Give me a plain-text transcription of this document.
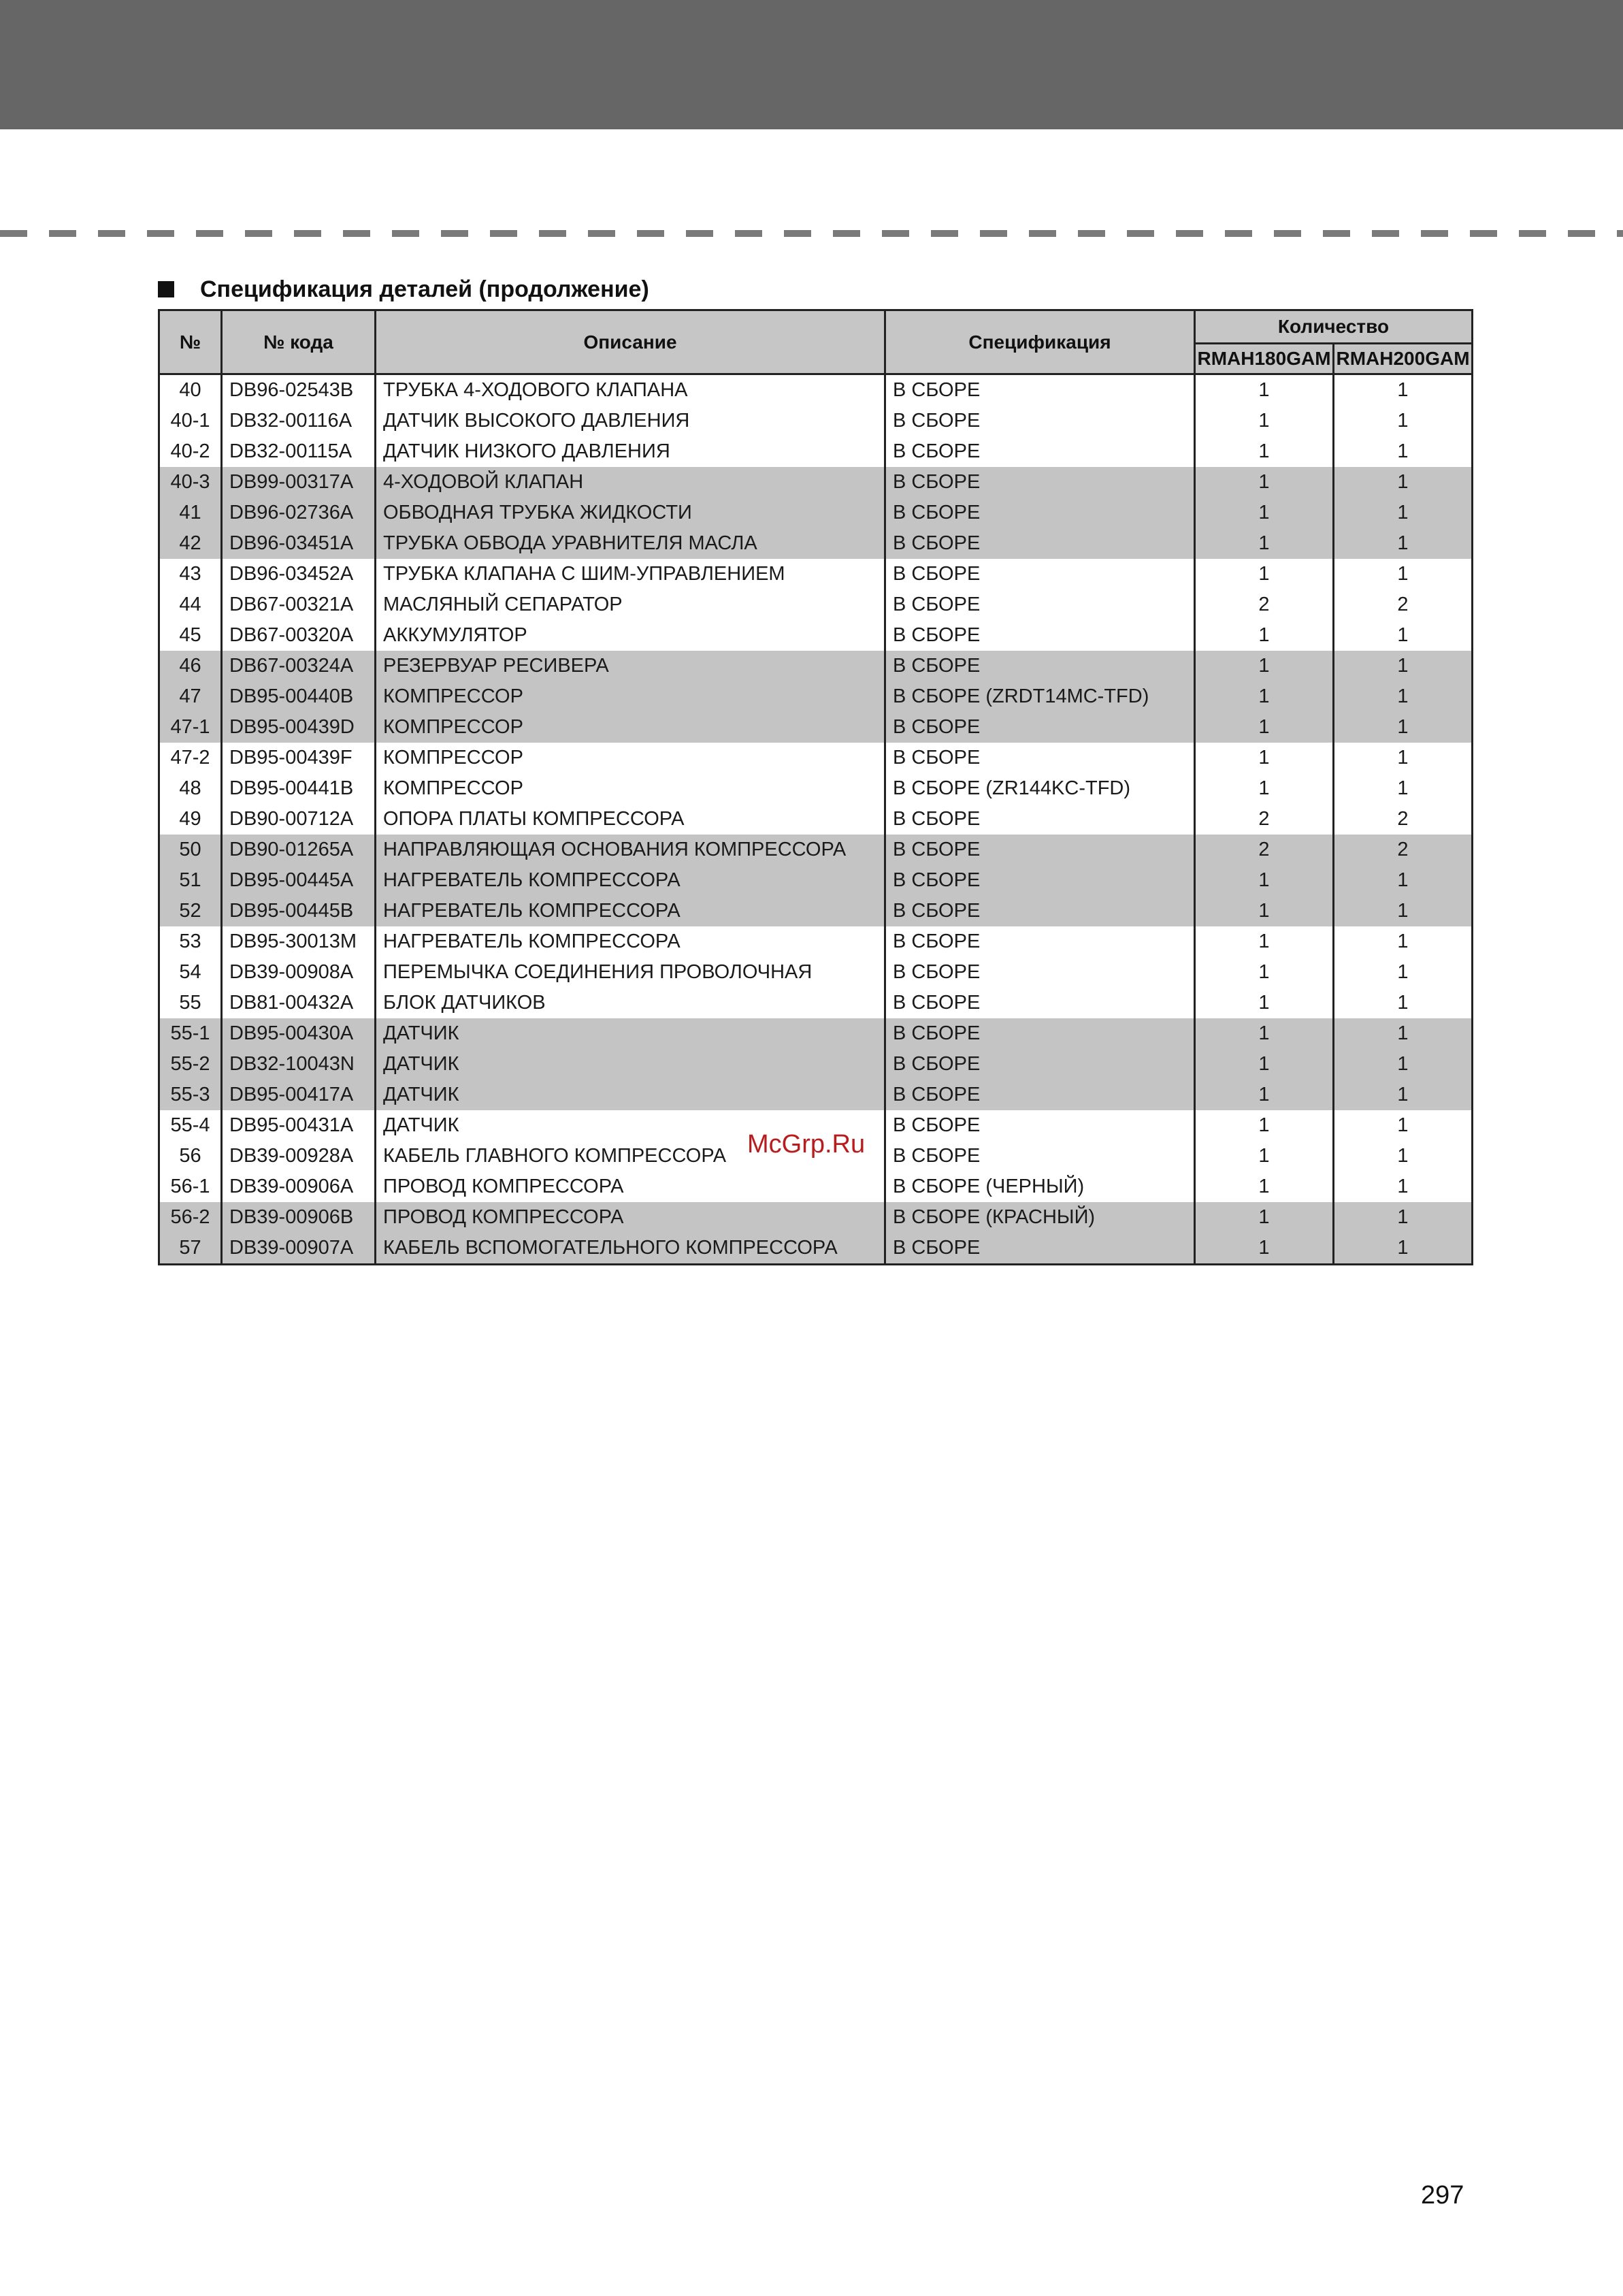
Спецификация деталей (продолжение)
№	№ кода	Описание	Спецификация	Количество	
				RMAH180GAM	RMAH200GAM
40	DB96-02543B	ТРУБКА 4-ХОДОВОГО КЛАПАНА	В СБОРЕ	1	1
40-1	DB32-00116A	ДАТЧИК ВЫСОКОГО ДАВЛЕНИЯ	В СБОРЕ	1	1
40-2	DB32-00115A	ДАТЧИК НИЗКОГО ДАВЛЕНИЯ	В СБОРЕ	1	1
40-3	DB99-00317A	4-ХОДОВОЙ КЛАПАН	В СБОРЕ	1	1
41	DB96-02736A	ОБВОДНАЯ ТРУБКА ЖИДКОСТИ	В СБОРЕ	1	1
42	DB96-03451A	ТРУБКА ОБВОДА УРАВНИТЕЛЯ МАСЛА	В СБОРЕ	1	1
43	DB96-03452A	ТРУБКА КЛАПАНА С ШИМ-УПРАВЛЕНИЕМ	В СБОРЕ	1	1
44	DB67-00321A	МАСЛЯНЫЙ СЕПАРАТОР	В СБОРЕ	2	2
45	DB67-00320A	АККУМУЛЯТОР	В СБОРЕ	1	1
46	DB67-00324A	РЕЗЕРВУАР РЕСИВЕРА	В СБОРЕ	1	1
47	DB95-00440B	КОМПРЕССОР	В СБОРЕ (ZRDT14MC-TFD)	1	1
47-1	DB95-00439D	КОМПРЕССОР	В СБОРЕ	1	1
47-2	DB95-00439F	КОМПРЕССОР	В СБОРЕ	1	1
48	DB95-00441B	КОМПРЕССОР	В СБОРЕ (ZR144KC-TFD)	1	1
49	DB90-00712A	ОПОРА ПЛАТЫ КОМПРЕССОРА	В СБОРЕ	2	2
50	DB90-01265A	НАПРАВЛЯЮЩАЯ ОСНОВАНИЯ КОМПРЕССОРА	В СБОРЕ	2	2
51	DB95-00445A	НАГРЕВАТЕЛЬ КОМПРЕССОРА	В СБОРЕ	1	1
52	DB95-00445B	НАГРЕВАТЕЛЬ КОМПРЕССОРА	В СБОРЕ	1	1
53	DB95-30013M	НАГРЕВАТЕЛЬ КОМПРЕССОРА	В СБОРЕ	1	1
54	DB39-00908A	ПЕРЕМЫЧКА СОЕДИНЕНИЯ ПРОВОЛОЧНАЯ	В СБОРЕ	1	1
55	DB81-00432A	БЛОК ДАТЧИКОВ	В СБОРЕ	1	1
55-1	DB95-00430A	ДАТЧИК	В СБОРЕ	1	1
55-2	DB32-10043N	ДАТЧИК	В СБОРЕ	1	1
55-3	DB95-00417A	ДАТЧИК	В СБОРЕ	1	1
55-4	DB95-00431A	ДАТЧИК	В СБОРЕ	1	1
56	DB39-00928A	КАБЕЛЬ ГЛАВНОГО КОМПРЕССОРА	В СБОРЕ	1	1
56-1	DB39-00906A	ПРОВОД КОМПРЕССОРА	В СБОРЕ (ЧЕРНЫЙ)	1	1
56-2	DB39-00906B	ПРОВОД КОМПРЕССОРА	В СБОРЕ (КРАСНЫЙ)	1	1
57	DB39-00907A	КАБЕЛЬ ВСПОМОГАТЕЛЬНОГО КОМПРЕССОРА	В СБОРЕ	1	1
McGrp.Ru
297
